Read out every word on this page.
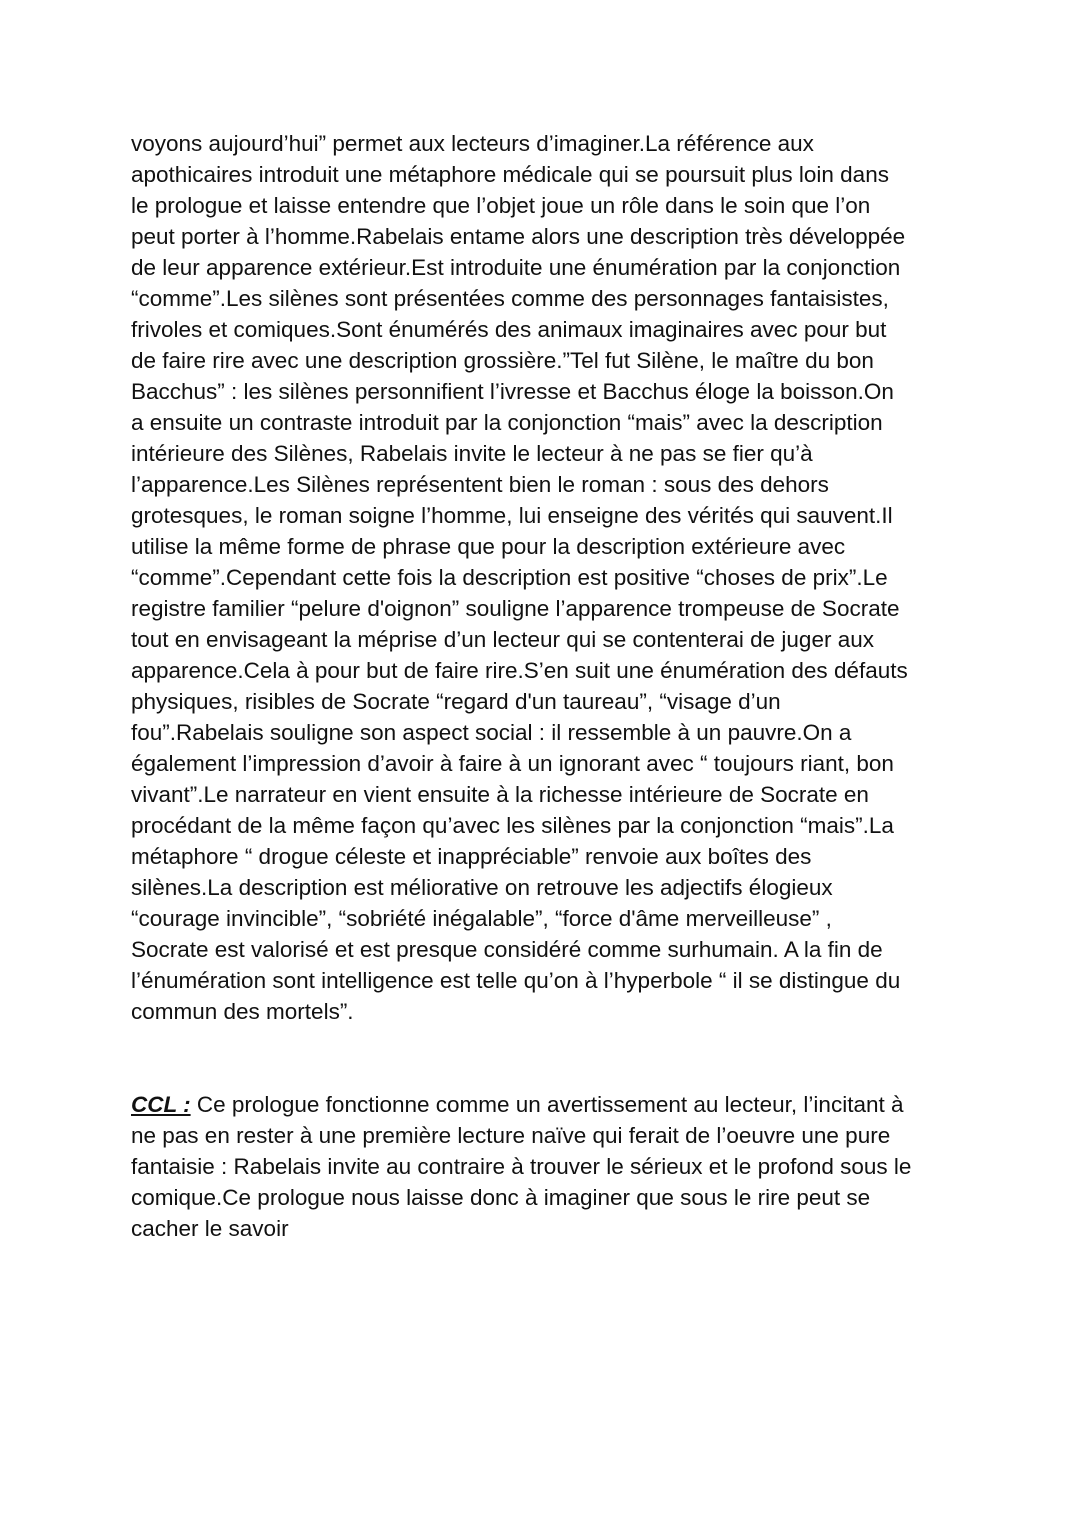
voyons aujourd’hui” permet aux lecteurs d’imaginer.La référence aux
apothicaires introduit une métaphore médicale qui se poursuit plus loin dans
le prologue et laisse entendre que l’objet joue un rôle dans le soin que l’on
peut porter à l’homme.Rabelais entame alors une description très développée
de leur apparence extérieur.Est introduite une énumération par la conjonction
“comme”.Les silènes sont présentées comme des personnages fantaisistes,
frivoles et comiques.Sont énumérés des animaux imaginaires avec pour but
de faire rire avec une description grossière.”Tel fut Silène, le maître du bon
Bacchus” : les silènes personnifient l’ivresse et Bacchus éloge la boisson.On
a ensuite un contraste introduit par la conjonction “mais” avec la description
intérieure des Silènes, Rabelais invite le lecteur à ne pas se fier qu’à
l’apparence.Les Silènes représentent bien le roman : sous des dehors
grotesques, le roman soigne l’homme, lui enseigne des vérités qui sauvent.Il
utilise la même forme de phrase que pour la description extérieure avec
“comme”.Cependant cette fois la description est positive “choses de prix”.Le
registre familier “pelure d'oignon” souligne l’apparence trompeuse de Socrate
tout en envisageant la méprise d’un lecteur qui se contenterai de juger aux
apparence.Cela à pour but de faire rire.S’en suit une énumération des défauts
physiques, risibles de Socrate “regard d'un taureau”, “visage d’un
fou”.Rabelais souligne son aspect social : il ressemble à un pauvre.On a
également l’impression d’avoir à faire à un ignorant avec “ toujours riant, bon
vivant”.Le narrateur en vient ensuite à la richesse intérieure de Socrate en
procédant de la même façon qu’avec les silènes par la conjonction “mais”.La
métaphore “ drogue céleste et inappréciable” renvoie aux boîtes des
silènes.La description est méliorative on retrouve les adjectifs élogieux
“courage invincible”, “sobriété inégalable”, “force d'âme merveilleuse” ,
Socrate est valorisé et est presque considéré comme surhumain. A la fin de
l’énumération sont intelligence est telle qu’on à l’hyperbole “ il se distingue du
commun des mortels”.
CCL : Ce prologue fonctionne comme un avertissement au lecteur, l’incitant à
ne pas en rester à une première lecture naïve qui ferait de l’oeuvre une pure
fantaisie : Rabelais invite au contraire à trouver le sérieux et le profond sous le
comique.Ce prologue nous laisse donc à imaginer que sous le rire peut se
cacher le savoir
